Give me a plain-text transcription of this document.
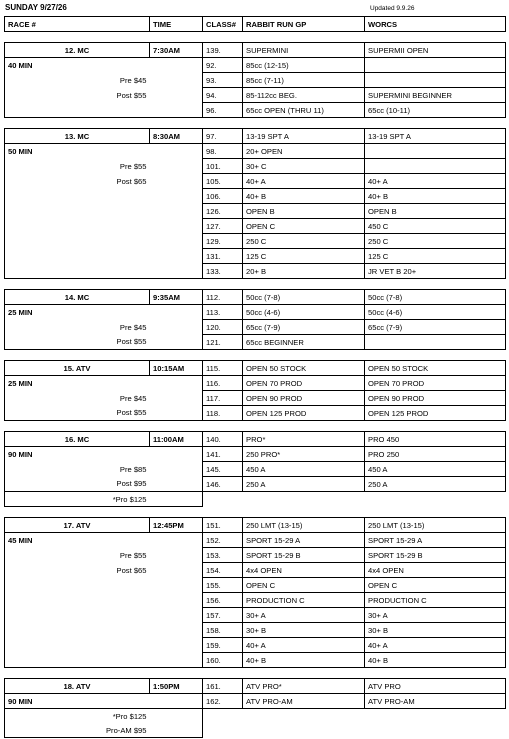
SUNDAY 9/27/26	Updated 9.9.26
RACE #	TIME	CLASS#	RABBIT RUN GP	WORCS

12. MC	7:30AM	139.	SUPERMINI	SUPERMII OPEN
40 MIN		92.	85cc (12-15)	
Pre $45		93.	85cc (7-11)	
Post $55		94.	85-112cc BEG.	SUPERMINI BEGINNER
		96.	65cc OPEN (THRU 11)	65cc (10-11)

13. MC	8:30AM	97.	13-19 SPT A	13-19 SPT A
50 MIN		98.	20+ OPEN	
Pre $55		101.	30+ C	
Post $65		105.	40+ A	40+ A
		106.	40+ B	40+ B
		126.	OPEN B	OPEN B
		127.	OPEN C	450 C
		129.	250 C	250 C
		131.	125 C	125 C
		133.	20+ B	JR VET B 20+

14. MC	9:35AM	112.	50cc (7-8)	50cc (7-8)
25 MIN		113.	50cc (4-6)	50cc (4-6)
Pre $45		120.	65cc (7-9)	65cc (7-9)
Post $55		121.	65cc BEGINNER	

15. ATV	10:15AM	115.	OPEN 50 STOCK	OPEN 50 STOCK
25 MIN		116.	OPEN 70 PROD	OPEN 70 PROD
Pre $45		117.	OPEN 90 PROD	OPEN 90 PROD
Post $55		118.	OPEN 125 PROD	OPEN 125 PROD

16. MC	11:00AM	140.	PRO*	PRO 450
90 MIN		141.	250 PRO*	PRO 250
Pre $85		145.	450 A	450 A
Post $95		146.	250 A	250 A
*Pro $125				

17. ATV	12:45PM	151.	250 LMT (13-15)	250 LMT (13-15)
45 MIN		152.	SPORT 15-29 A	SPORT 15-29 A
Pre $55		153.	SPORT 15-29 B	SPORT 15-29 B
Post $65		154.	4x4 OPEN	4x4 OPEN
		155.	OPEN C	OPEN C
		156.	PRODUCTION C	PRODUCTION C
		157.	30+ A	30+ A
		158.	30+ B	30+ B
		159.	40+ A	40+ A
		160.	40+ B	40+ B

18. ATV	1:50PM	161.	ATV PRO*	ATV PRO
90 MIN		162.	ATV PRO-AM	ATV PRO-AM
*Pro $125				
Pro-AM $95				
